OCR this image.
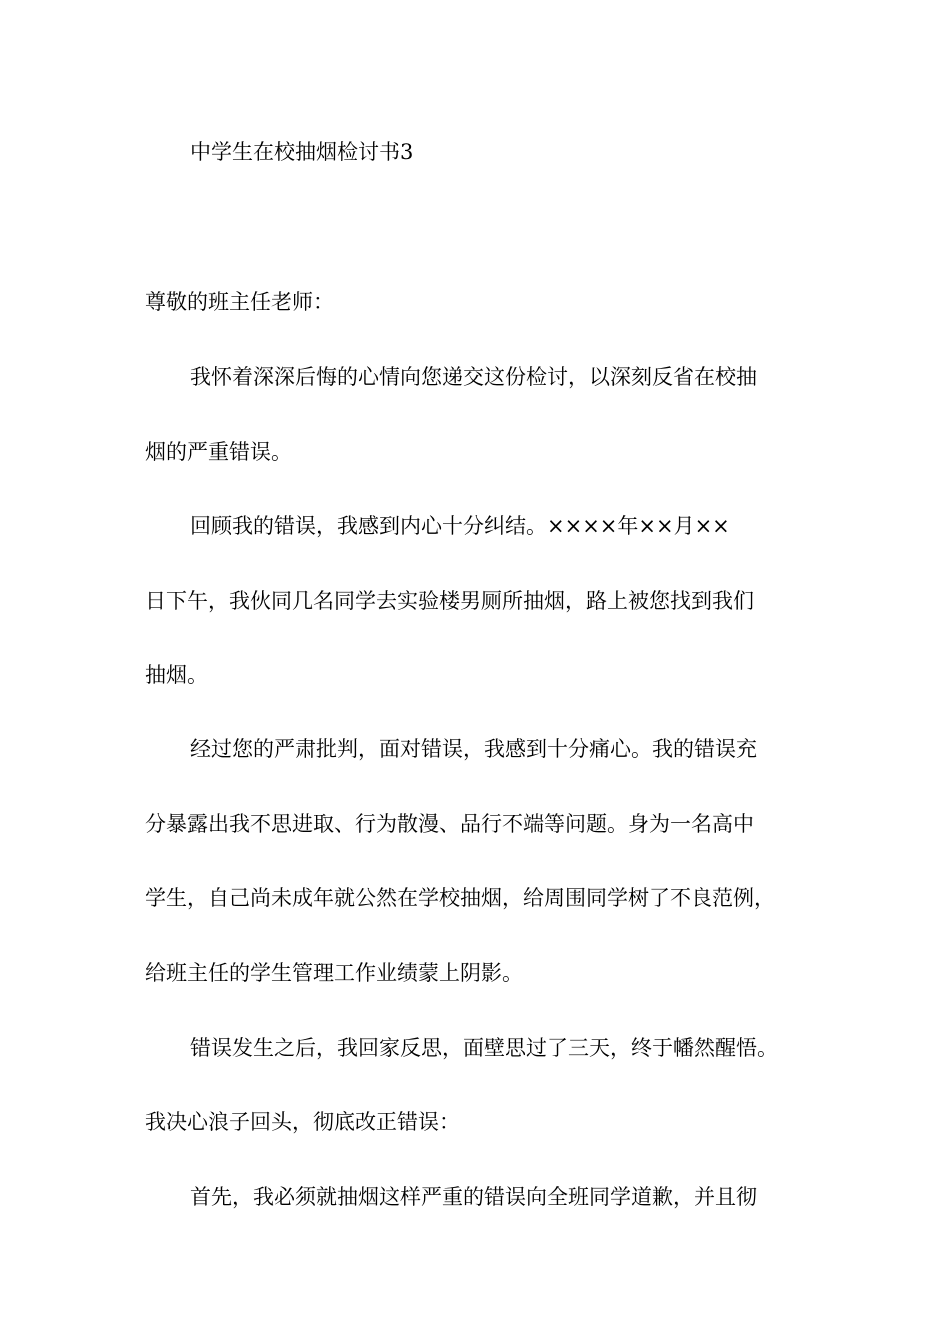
中学生在校抽烟检讨书3
尊敬的班主任老师：
我怀着深深后悔的心情向您递交这份检讨，以深刻反省在校抽
烟的严重错误。
回顾我的错误，我感到内心十分纠结。××××年××月××
日下午，我伙同几名同学去实验楼男厕所抽烟，路上被您找到我们
抽烟。
经过您的严肃批判，面对错误，我感到十分痛心。我的错误充
分暴露出我不思进取、行为散漫、品行不端等问题。身为一名高中
学生，自己尚未成年就公然在学校抽烟，给周围同学树了不良范例，
给班主任的学生管理工作业绩蒙上阴影。
错误发生之后，我回家反思，面壁思过了三天，终于幡然醒悟。
我决心浪子回头，彻底改正错误：
首先，我必须就抽烟这样严重的错误向全班同学道歉，并且彻
